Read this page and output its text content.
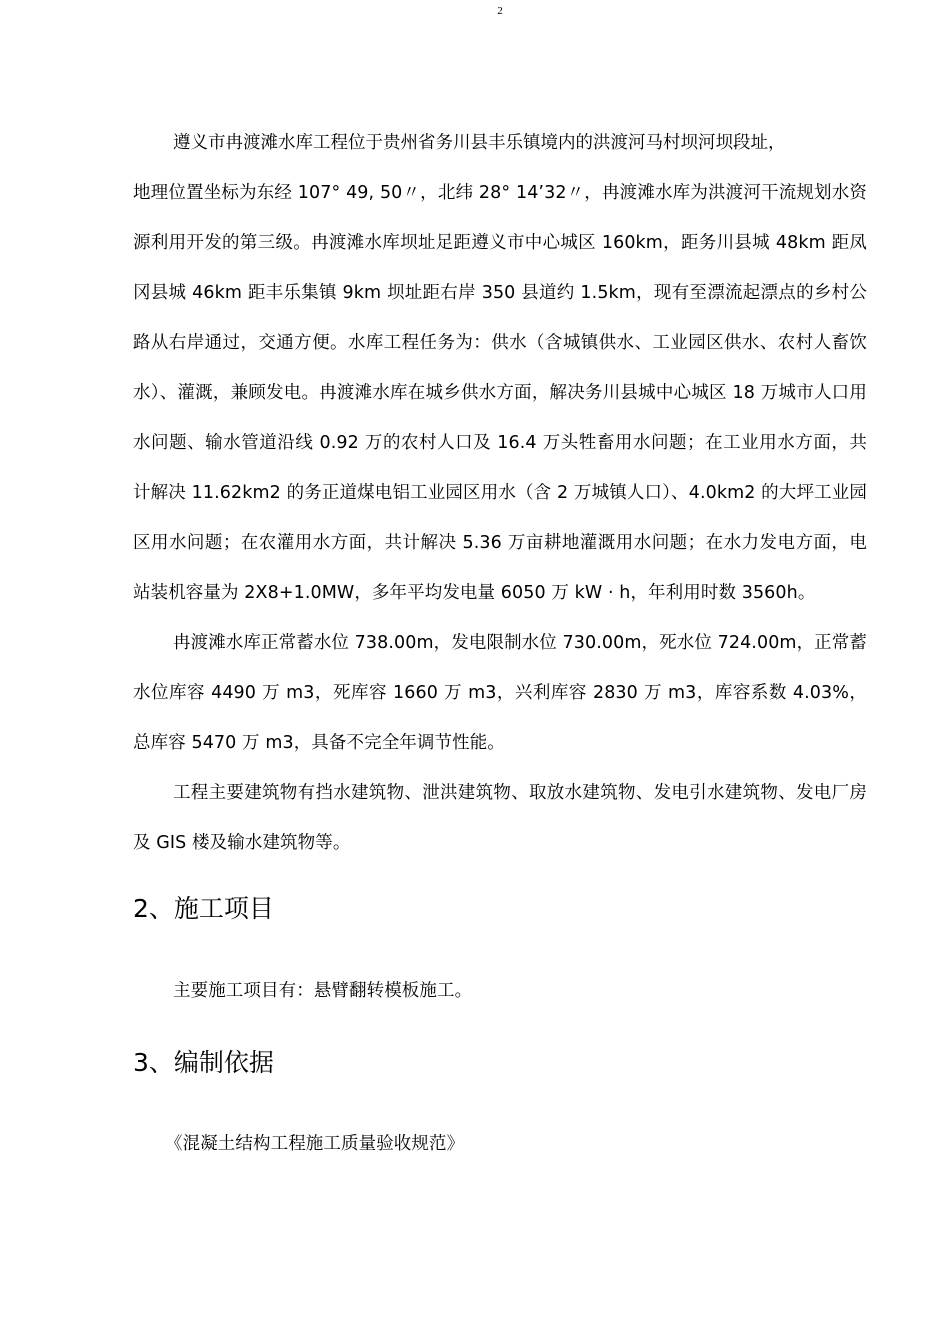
2

遵义市冉渡滩水库工程位于贵州省务川县丰乐镇境内的洪渡河马村坝河坝段址，

地理位置坐标为东经 107° 49, 50〃，北纬 28° 14’32〃，冉渡滩水库为洪渡河干流规划水资源利用开发的第三级。冉渡滩水库坝址足距遵义市中心城区 160km，距务川县城 48km 距凤冈县城 46km 距丰乐集镇 9km 坝址距右岸 350 县道约 1.5km，现有至漂流起漂点的乡村公路从右岸通过，交通方便。水库工程任务为：供水（含城镇供水、工业园区供水、农村人畜饮水）、灌溉，兼顾发电。冉渡滩水库在城乡供水方面，解决务川县城中心城区 18 万城市人口用水问题、输水管道沿线 0.92 万的农村人口及 16.4 万头牲畜用水问题；在工业用水方面，共计解决 11.62km2 的务正道煤电铝工业园区用水（含 2 万城镇人口）、4.0km2 的大坪工业园区用水问题；在农灌用水方面，共计解决 5.36 万亩耕地灌溉用水问题；在水力发电方面，电站装机容量为 2X8+1.0MW，多年平均发电量 6050 万 kW · h，年利用时数 3560h。

冉渡滩水库正常蓄水位 738.00m，发电限制水位 730.00m，死水位 724.00m，正常蓄水位库容 4490 万 m3，死库容 1660 万 m3，兴利库容 2830 万 m3，库容系数 4.03%，总库容 5470 万 m3，具备不完全年调节性能。

工程主要建筑物有挡水建筑物、泄洪建筑物、取放水建筑物、发电引水建筑物、发电厂房及 GIS 楼及输水建筑物等。

2、施工项目

主要施工项目有：悬臂翻转模板施工。

3、编制依据

《混凝土结构工程施工质量验收规范》
